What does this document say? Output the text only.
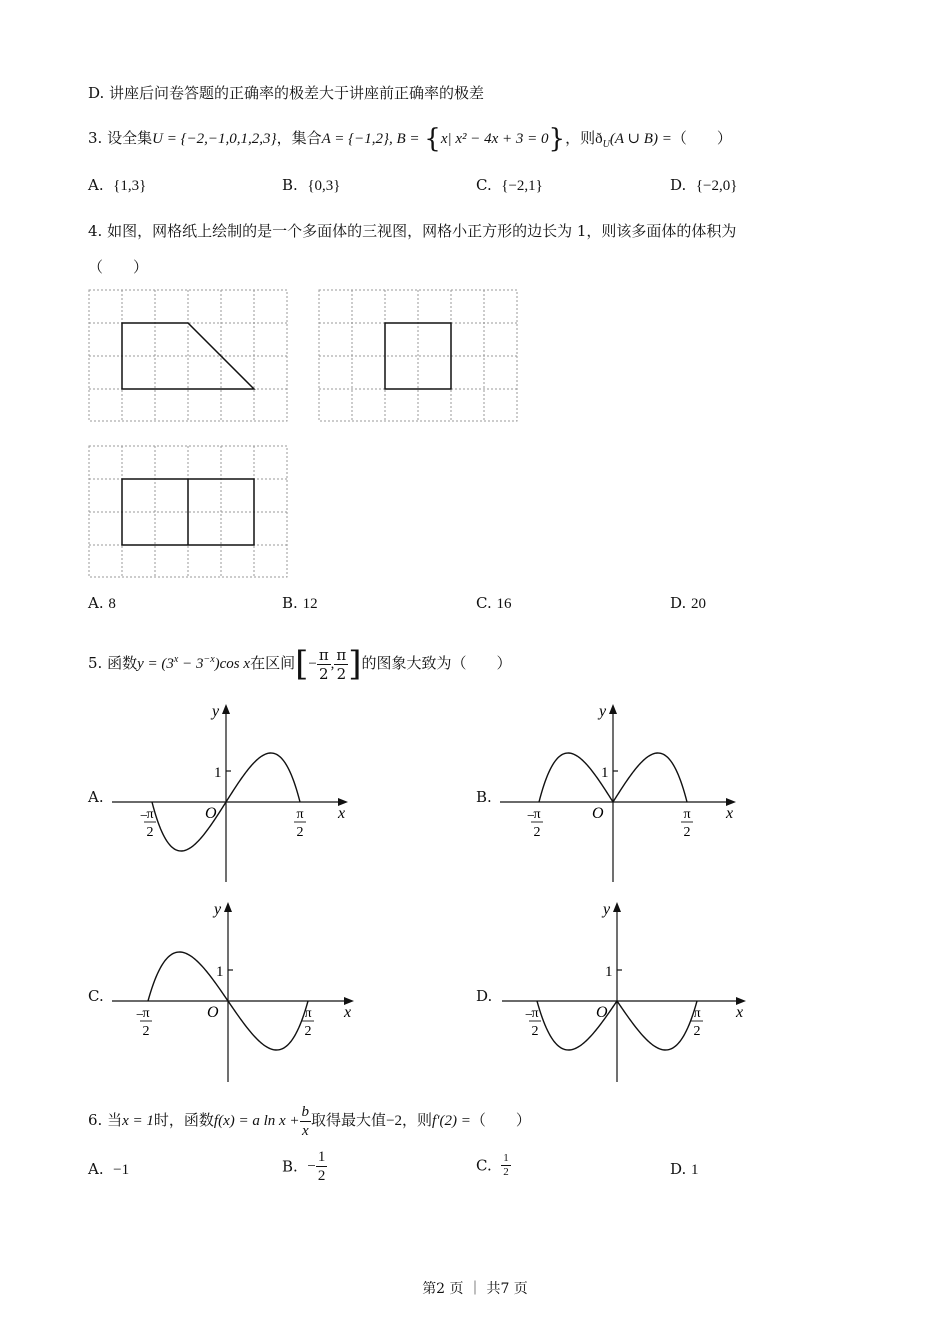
D. 讲座后问卷答题的正确率的极差大于讲座前正确率的极差
3. 设全集U = {−2,−1,0,1,2,3}，集合A = {−1,2}, B = {x| x² − 4x + 3 = 0}，则$ð_U(A$ ∪ B) =（　　）
A. {1,3}	B. {0,3}	C. {−2,1}	D. {−2,0}
4. 如图，网格纸上绘制的是一个多面体的三视图，网格小正方形的边长为 1，则该多面体的体积为
（　　）
A. 8	B. 12	C. 16	D. 20
5. 函数$y = (3^x - 3^{-x})\cos$ x在区间[− $\frac{\pi}{2}$ , $\frac{\pi}{2}$ ]的图象大致为（　　）
A.	B.
C.	D.
1
y
x
O
−
π
2
π
2
1
y
x
O
−
π
2
π
2
1
y
x
O
−
π
2
π
2
1
y
x
O
−
π
2
π
2
6. 当x = 1时，函数f(x) = a $\ln x + \frac{b}{x}$ 取得最大值−2，则f′(2) =（　　）
A. −1	B. − $\frac{1}{2}$	C. $\frac{1}{2}$	D. 1
第2 页 ｜ 共7 页
